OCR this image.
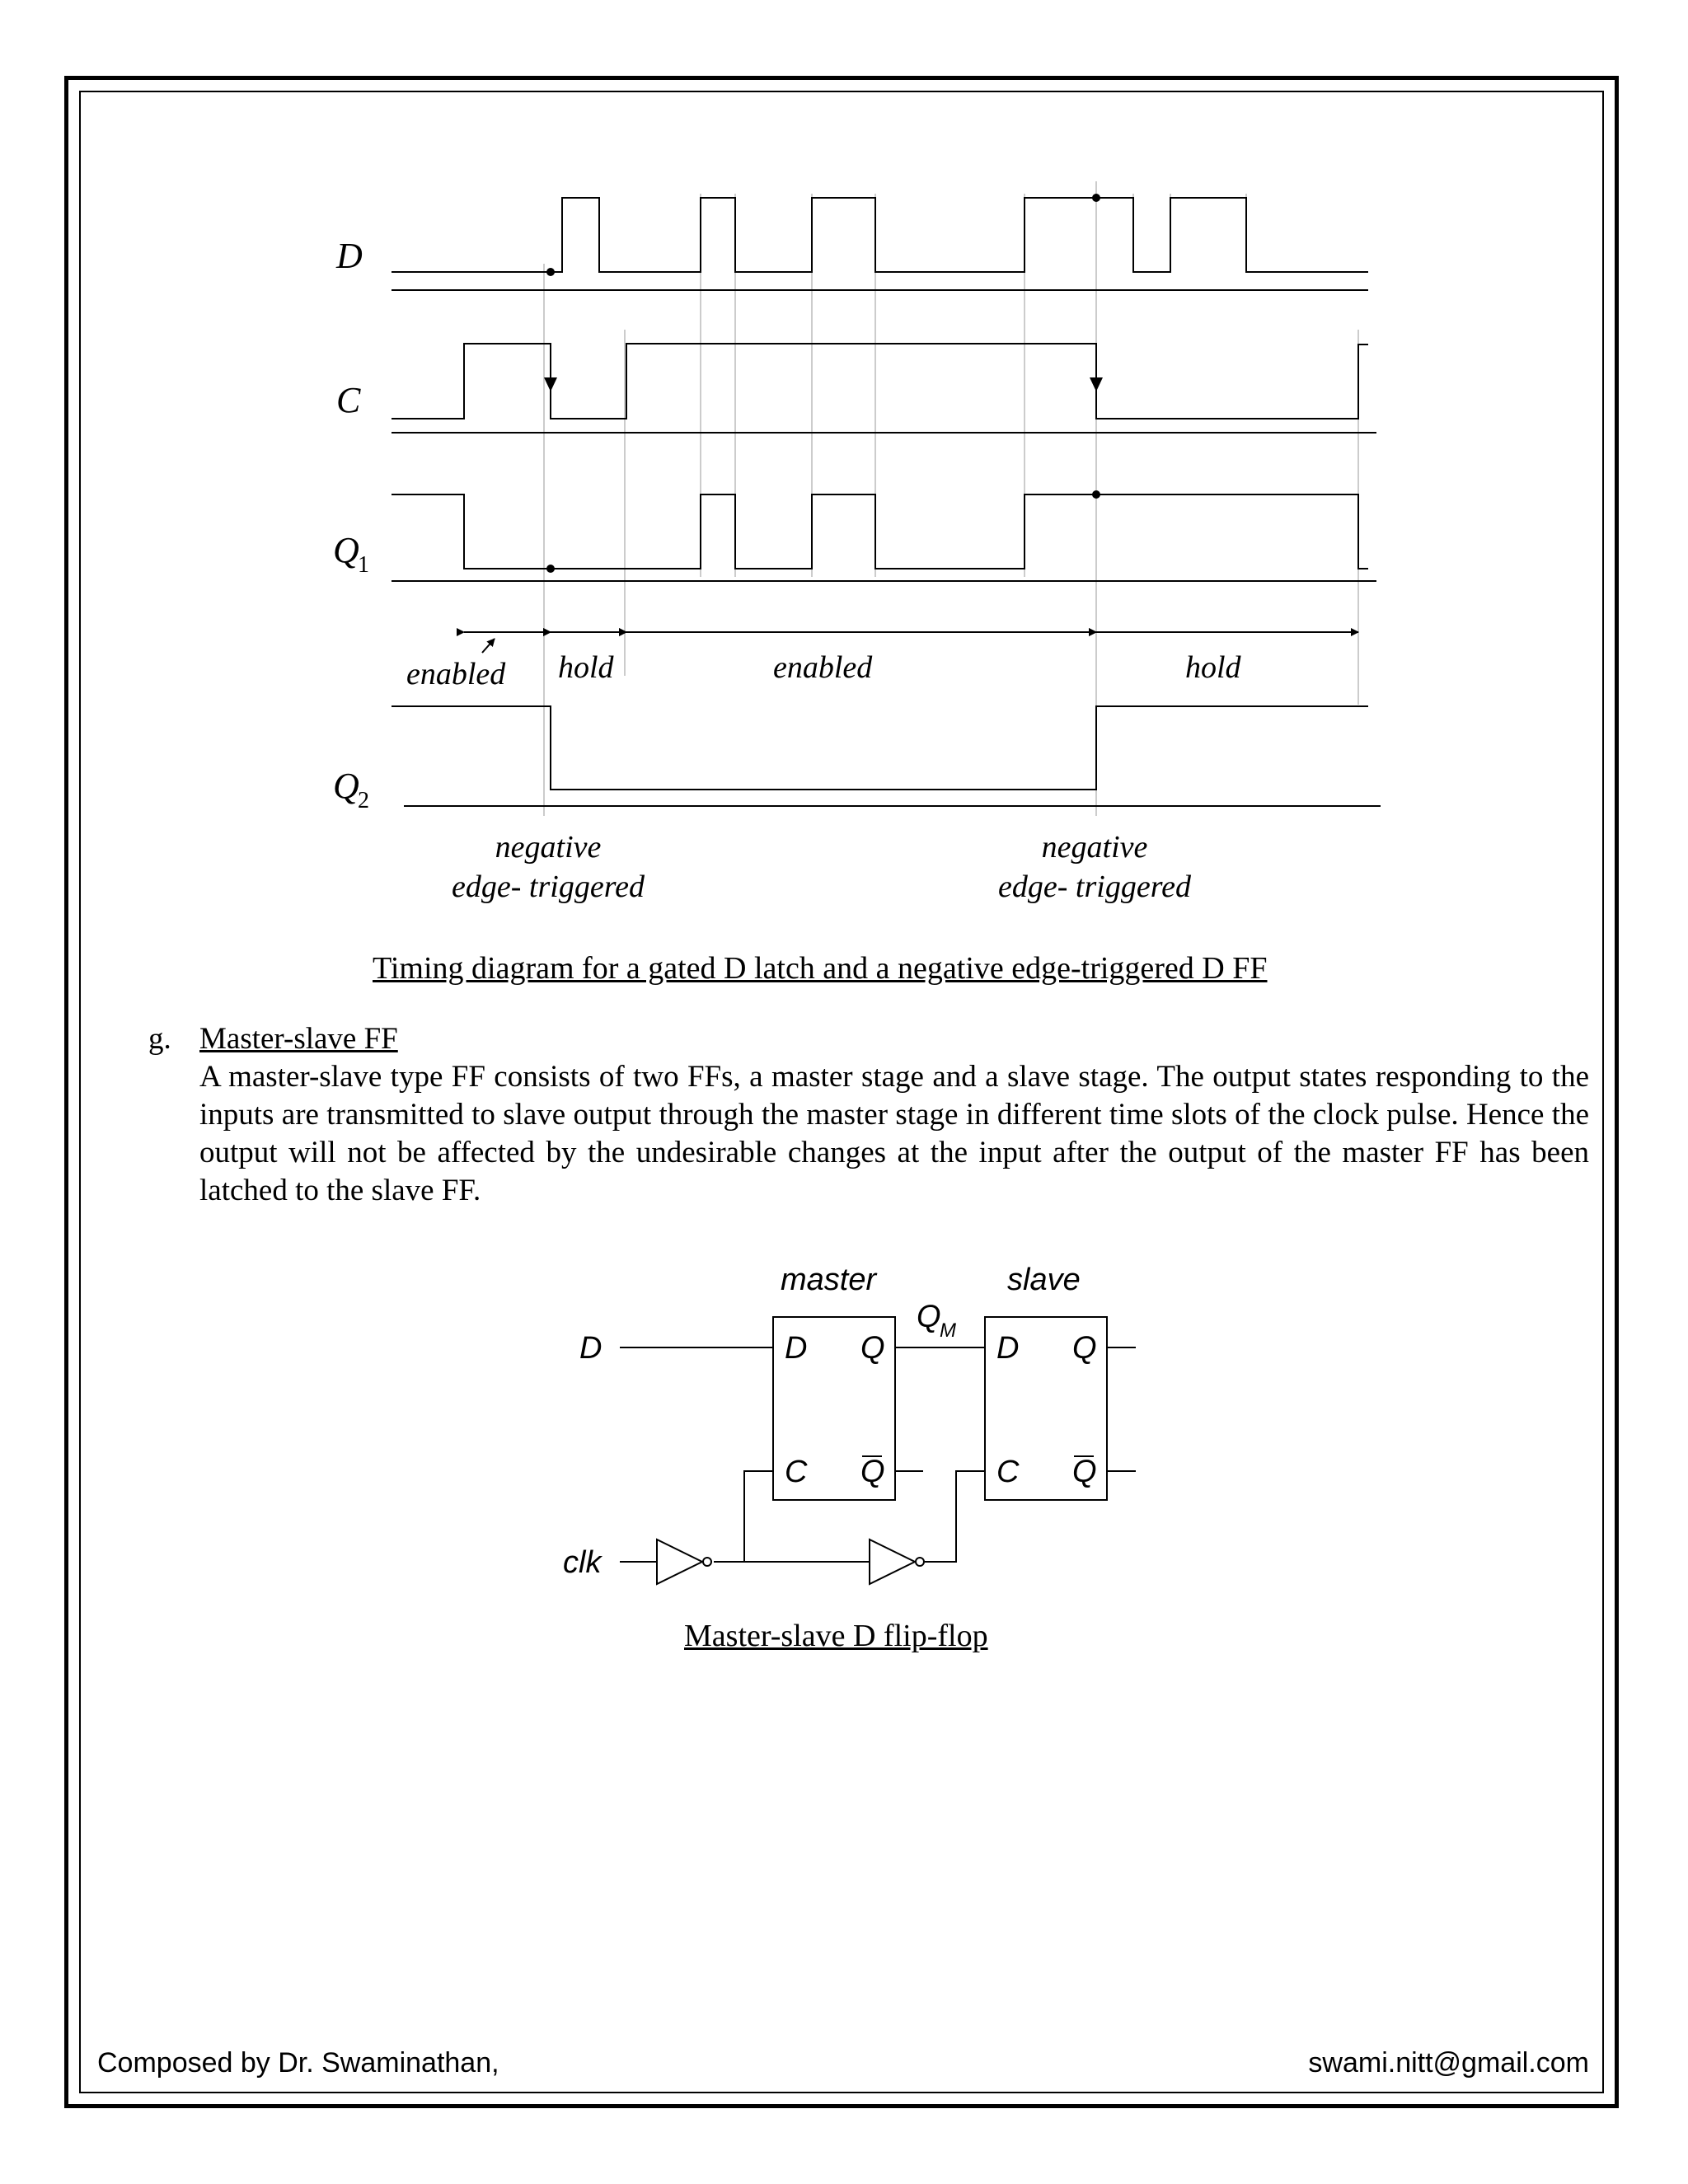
D
C
Q
Q
1
2
enabled hold	enabled	hold
negative
edge- triggered
negative
edge- triggered
Timing diagram for a gated D latch and a negative edge-triggered D FF
g. Master-slave FF
A master-slave type FF consists of two FFs, a master stage and a slave stage. The output states responding to the inputs are transmitted to slave output through the master stage in different time slots of the clock pulse. Hence the output will not be affected by the undesirable changes at the input after the output of the master FF has been latched to the slave FF.
master	slave
Q
D
clk
D Q
C Q
D Q
C Q
M
Master-slave D flip-flop
Composed by Dr. Swaminathan,	swami.nitt@gmail.com
